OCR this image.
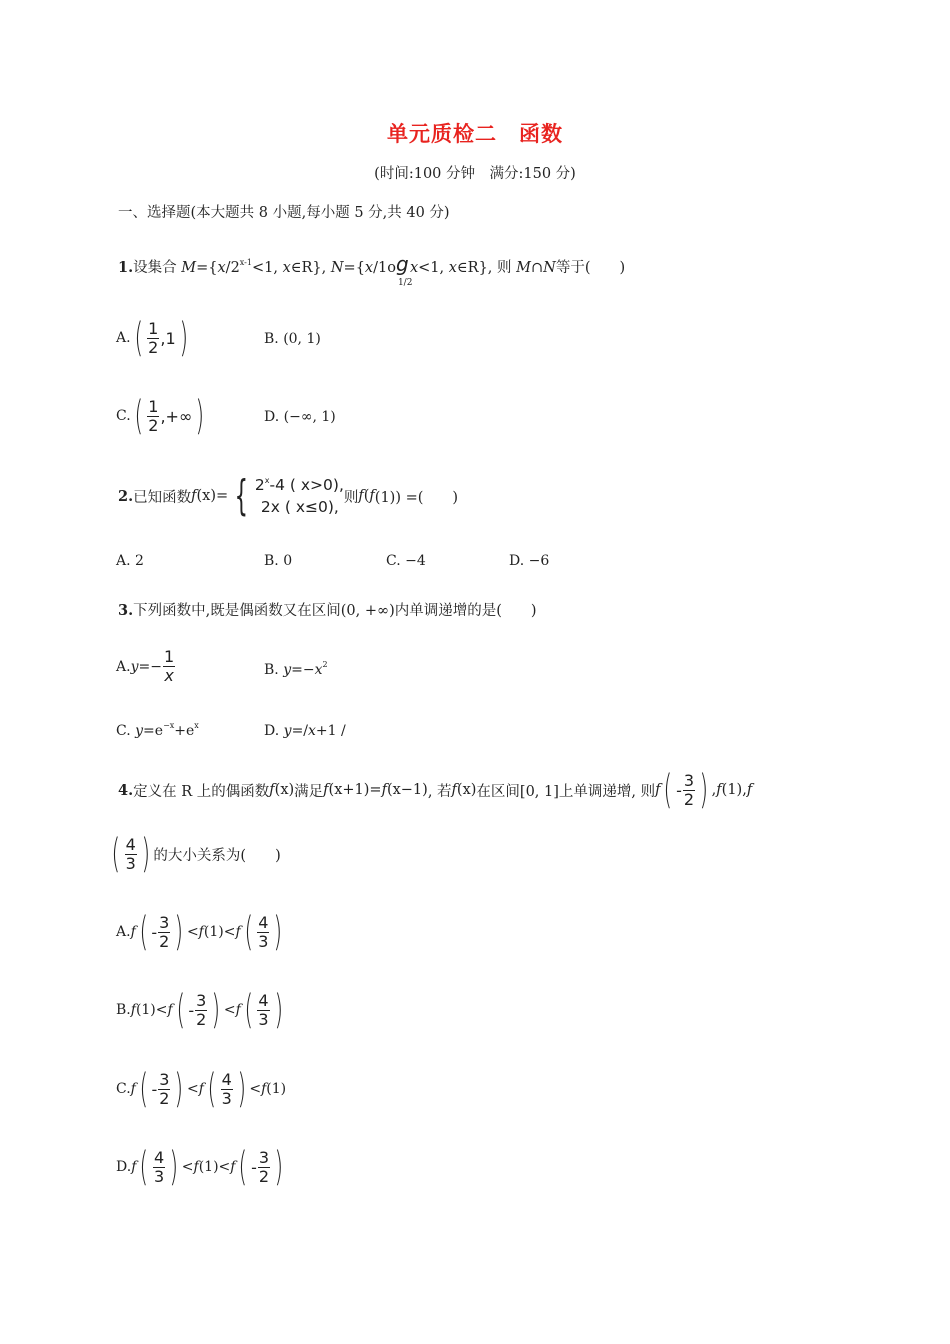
单元质检二　函数
(时间:100 分钟　满分:150 分)
一、选择题(本大题共 8 小题,每小题 5 分,共 40 分)
1.设集合 $M=\{x/2^{x-1}<1$, x∈R}, N={x/1o g
1/2
x<1, x∈R}, 则 M∩N等于(　　)
A. ( $\frac{1}{2} ,1$ )	B. (0, 1)
C. ( $\frac{1}{2}$ ,+∞ )	D. (−∞, 1)
2. 已知函数 f (x) = { 2$^x$-4 ( x>0),
2x ( x≤0),
则 f ( f (1)) =(　　)
A. 2	B. 0	C. −4	D. −6
3.下列函数中,既是偶函数又在区间(0, +∞)内单调递增的是(　　)
A. $y =- \frac{1}{x}$	B. $y=-x^2$
C. $y=e^{-x}+e^x$	D. y=/x+1 /
4. 定义在 R 上的偶函数 f (x) 满足 f (x+1) = f (x−1) , 若 f (x) 在区间[0, 1]上单调递增, 则 f ( - $\frac{3}{2}$ ) , f (1), f
( $\frac{4}{3}$ ) 的大小关系为(　　)
A. f ( - $\frac{3}{2}$ ) < f (1) < f ( $\frac{4}{3}$ )
B. f (1) < f ( - $\frac{3}{2}$ ) < f ( $\frac{4}{3}$ )
C. f ( - $\frac{3}{2}$ ) < f ( $\frac{4}{3}$ ) < f (1)
D. f ( $\frac{4}{3}$ ) < f (1) < f ( - $\frac{3}{2}$ )
